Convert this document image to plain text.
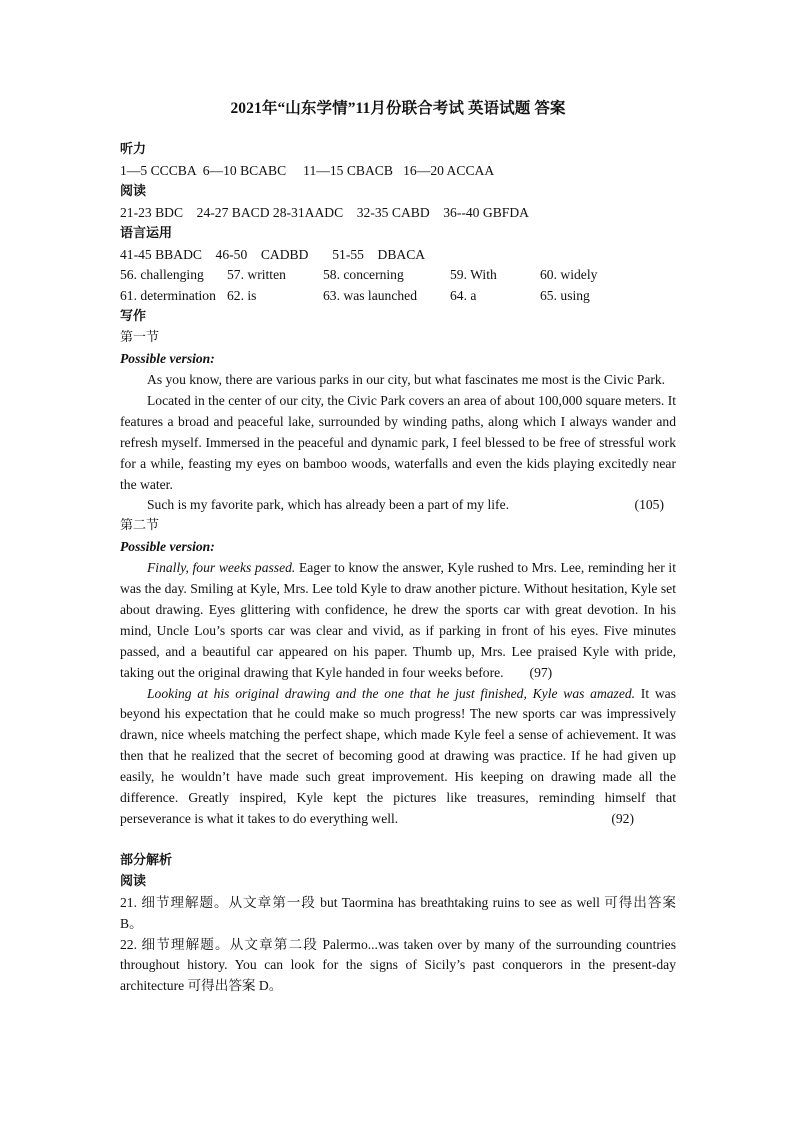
2021年“山东学情”11月份联合考试 英语试题 答案
听力
1—5 CCCBA  6—10 BCABC     11—15 CBACB   16—20 ACCAA
阅读
21-23 BDC    24-27 BACD 28-31AADC    32-35 CABD    36--40 GBFDA
语言运用
41-45 BBADC    46-50    CADBD       51-55    DBACA
56. challenging	57. written	58. concerning	59. With	60. widely
61. determination 62. is	63. was launched	64. a	65. using
写作
第一节
Possible version:

As you know, there are various parks in our city, but what fascinates me most is the Civic Park.

Located in the center of our city, the Civic Park covers an area of about 100,000 square meters. It features a broad and peaceful lake, surrounded by winding paths, along which I always wander and refresh myself. Immersed in the peaceful and dynamic park, I feel blessed to be free of stressful work for a while, feasting my eyes on bamboo woods, waterfalls and even the kids playing excitedly near the water.

Such is my favorite park, which has already been a part of my life.	(105)

第二节
Possible version:

Finally, four weeks passed. Eager to know the answer, Kyle rushed to Mrs. Lee, reminding her it was the day. Smiling at Kyle, Mrs. Lee told Kyle to draw another picture. Without hesitation, Kyle set about drawing. Eyes glittering with confidence, he drew the sports car with great devotion. In his mind, Uncle Lou’s sports car was clear and vivid, as if parking in front of his eyes. Five minutes passed, and a beautiful car appeared on his paper. Thumb up, Mrs. Lee praised Kyle with pride, taking out the original drawing that Kyle handed in four weeks before. (97)

Looking at his original drawing and the one that he just finished, Kyle was amazed. It was beyond his expectation that he could make so much progress! The new sports car was impressively drawn, nice wheels matching the perfect shape, which made Kyle feel a sense of achievement. It was then that he realized that the secret of becoming good at drawing was practice. If he had given up easily, he wouldn’t have made such great improvement. His keeping on drawing made all the difference. Greatly inspired, Kyle kept the pictures like treasures, reminding himself that perseverance is what it takes to do everything well.	(92)

部分解析
阅读

21. 细节理解题。从文章第一段 but Taormina has breathtaking ruins to see as well 可得出答案 B。

22. 细节理解题。从文章第二段 Palermo...was taken over by many of the surrounding countries throughout history. You can look for the signs of Sicily’s past conquerors in the present-day architecture 可得出答案 D。
